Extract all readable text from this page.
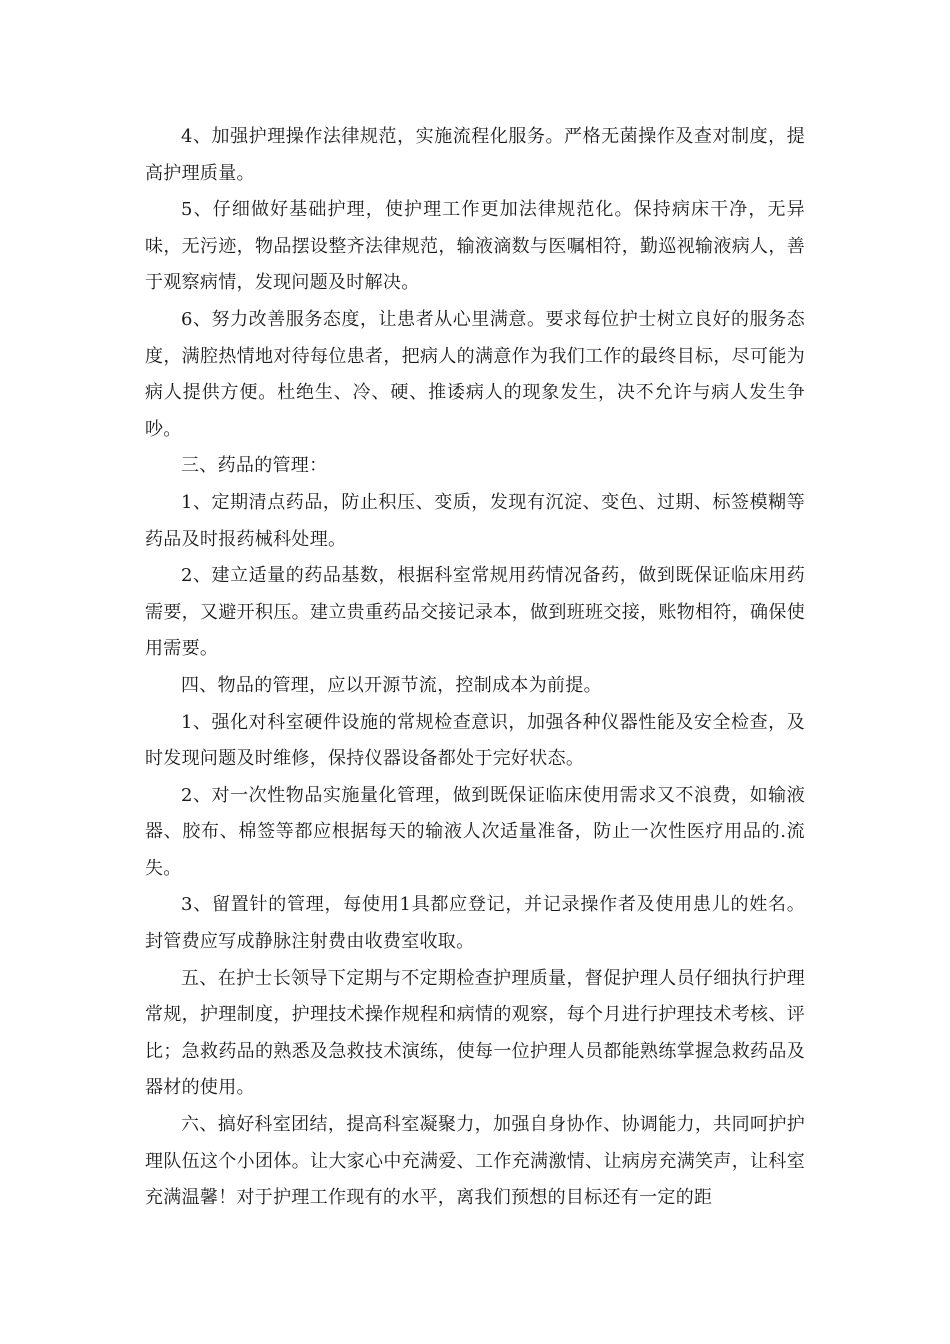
4、加强护理操作法律规范，实施流程化服务。严格无菌操作及查对制度，提高护理质量。

5、仔细做好基础护理，使护理工作更加法律规范化。保持病床干净，无异味，无污迹，物品摆设整齐法律规范，输液滴数与医嘱相符，勤巡视输液病人，善于观察病情，发现问题及时解决。

6、努力改善服务态度，让患者从心里满意。要求每位护士树立良好的服务态度，满腔热情地对待每位患者，把病人的满意作为我们工作的最终目标，尽可能为病人提供方便。杜绝生、冷、硬、推诿病人的现象发生，决不允许与病人发生争吵。

三、药品的管理：

1、定期清点药品，防止积压、变质，发现有沉淀、变色、过期、标签模糊等药品及时报药械科处理。

2、建立适量的药品基数，根据科室常规用药情况备药，做到既保证临床用药需要，又避开积压。建立贵重药品交接记录本，做到班班交接，账物相符，确保使用需要。

四、物品的管理，应以开源节流，控制成本为前提。

1、强化对科室硬件设施的常规检查意识，加强各种仪器性能及安全检查，及时发现问题及时维修，保持仪器设备都处于完好状态。

2、对一次性物品实施量化管理，做到既保证临床使用需求又不浪费，如输液器、胶布、棉签等都应根据每天的输液人次适量准备，防止一次性医疗用品的.流失。

3、留置针的管理，每使用1具都应登记，并记录操作者及使用患儿的姓名。封管费应写成静脉注射费由收费室收取。

五、在护士长领导下定期与不定期检查护理质量，督促护理人员仔细执行护理常规，护理制度，护理技术操作规程和病情的观察，每个月进行护理技术考核、评比；急救药品的熟悉及急救技术演练，使每一位护理人员都能熟练掌握急救药品及器材的使用。

六、搞好科室团结，提高科室凝聚力，加强自身协作、协调能力，共同呵护护理队伍这个小团体。让大家心中充满爱、工作充满激情、让病房充满笑声，让科室充满温馨！对于护理工作现有的水平，离我们预想的目标还有一定的距
